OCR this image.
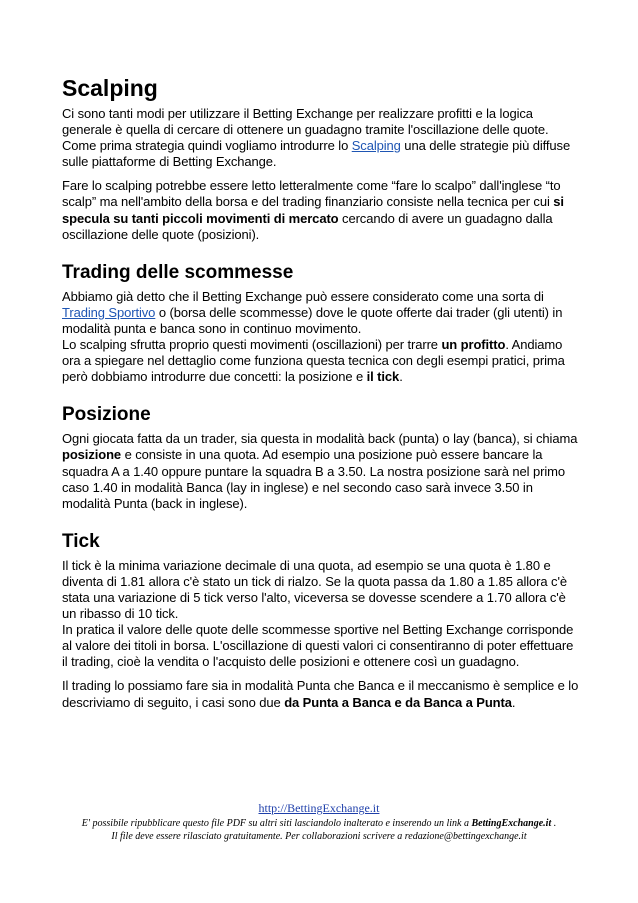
Scalping

Ci sono tanti modi per utilizzare il Betting Exchange per realizzare profitti e la logica generale è quella di cercare di ottenere un guadagno tramite l'oscillazione delle quote. Come prima strategia quindi vogliamo introdurre lo Scalping una delle strategie più diffuse sulle piattaforme di Betting Exchange.

Fare lo scalping potrebbe essere letto letteralmente come “fare lo scalpo” dall'inglese “to scalp” ma nell'ambito della borsa e del trading finanziario consiste nella tecnica per cui si specula su tanti piccoli movimenti di mercato cercando di avere un guadagno dalla oscillazione delle quote (posizioni).

Trading delle scommesse

Abbiamo già detto che il Betting Exchange può essere considerato come una sorta di Trading Sportivo o (borsa delle scommesse) dove le quote offerte dai trader (gli utenti) in modalità punta e banca sono in continuo movimento.

Lo scalping sfrutta proprio questi movimenti (oscillazioni) per trarre un profitto. Andiamo ora a spiegare nel dettaglio come funziona questa tecnica con degli esempi pratici, prima però dobbiamo introdurre due concetti: la posizione e il tick.

Posizione

Ogni giocata fatta da un trader, sia questa in modalità back (punta) o lay (banca), si chiama posizione e consiste in una quota. Ad esempio una posizione può essere bancare la squadra A a 1.40 oppure puntare la squadra B a 3.50. La nostra posizione sarà nel primo caso 1.40 in modalità Banca (lay in inglese) e nel secondo caso sarà invece 3.50 in modalità Punta (back in inglese).

Tick

Il tick è la minima variazione decimale di una quota, ad esempio se una quota è 1.80 e diventa di 1.81 allora c'è stato un tick di rialzo. Se la quota passa da 1.80 a 1.85 allora c'è stata una variazione di 5 tick verso l'alto, viceversa se dovesse scendere a 1.70 allora c'è un ribasso di 10 tick.

In pratica il valore delle quote delle scommesse sportive nel Betting Exchange corrisponde al valore dei titoli in borsa. L'oscillazione di questi valori ci consentiranno di poter effettuare il trading, cioè la vendita o l'acquisto delle posizioni e ottenere così un guadagno.

Il trading lo possiamo fare sia in modalità Punta che Banca e il meccanismo è semplice e lo descriviamo di seguito, i casi sono due da Punta a Banca e da Banca a Punta.

http://BettingExchange.it
E' possibile ripubblicare questo file PDF su altri siti lasciandolo inalterato e inserendo un link a BettingExchange.it .
Il file deve essere rilasciato gratuitamente. Per collaborazioni scrivere a redazione@bettingexchange.it
